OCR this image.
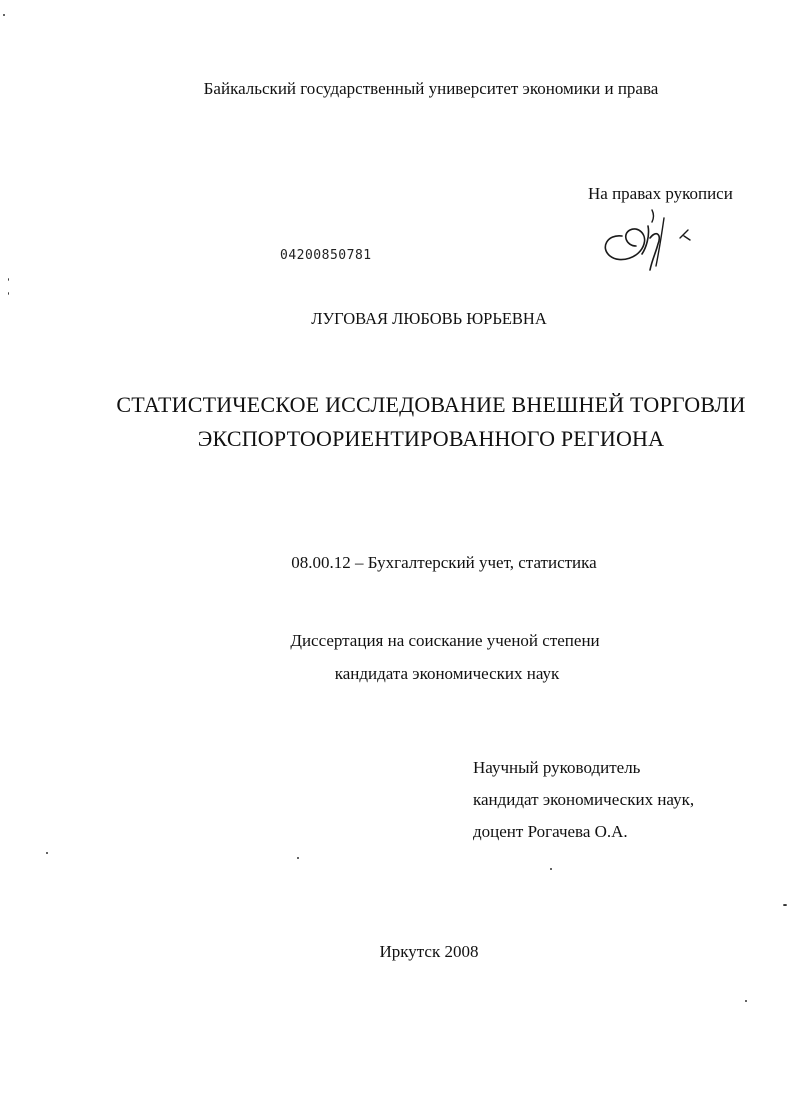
Байкальский государственный университет экономики и права
На правах рукописи
04200850781
ЛУГОВАЯ ЛЮБОВЬ ЮРЬЕВНА
СТАТИСТИЧЕСКОЕ ИССЛЕДОВАНИЕ ВНЕШНЕЙ ТОРГОВЛИ
ЭКСПОРТООРИЕНТИРОВАННОГО РЕГИОНА
08.00.12 – Бухгалтерский учет, статистика
Диссертация на соискание ученой степени
кандидата экономических наук
Научный руководитель
кандидат экономических наук,
доцент Рогачева О.А.
Иркутск 2008
